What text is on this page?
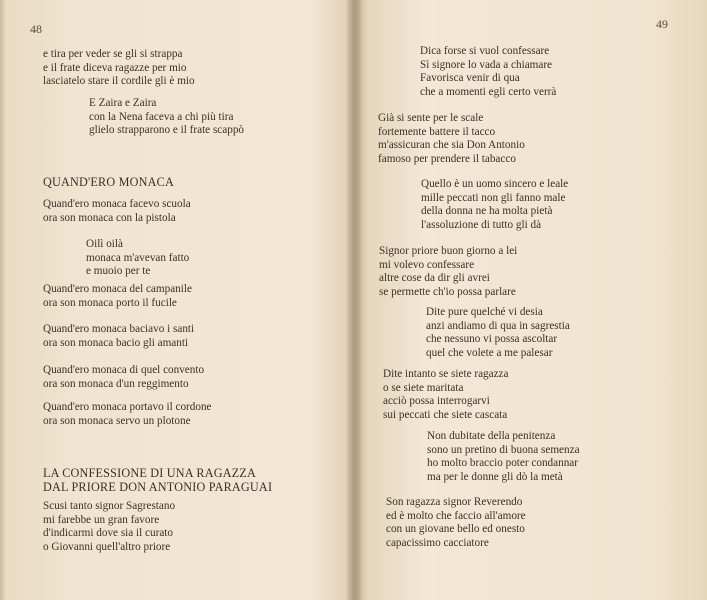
48

e tira per veder se gli si strappa
e il frate diceva ragazze per mio
lasciatelo stare il cordile gli è mio

E Zaira e Zaira
con la Nena faceva a chi più tira
glielo strapparono e il frate scappò

QUAND'ERO MONACA

Quand'ero monaca facevo scuola
ora son monaca con la pistola

Oilì oilà
monaca m'avevan fatto
e muoio per te

Quand'ero monaca del campanile
ora son monaca porto il fucile

Quand'ero monaca baciavo i santi
ora son monaca bacio gli amanti

Quand'ero monaca di quel convento
ora son monaca d'un reggimento

Quand'ero monaca portavo il cordone
ora son monaca servo un plotone

LA CONFESSIONE DI UNA RAGAZZA
DAL PRIORE DON ANTONIO PARAGUAI

Scusi tanto signor Sagrestano
mi farebbe un gran favore
d'indicarmi dove sia il curato
o Giovanni quell'altro priore

49

Dica forse si vuol confessare
Sì signore lo vada a chiamare
Favorisca venir di qua
che a momenti egli certo verrà

Già si sente per le scale
fortemente battere il tacco
m'assicuran che sia Don Antonio
famoso per prendere il tabacco

Quello è un uomo sincero e leale
mille peccati non gli fanno male
della donna ne ha molta pietà
l'assoluzione di tutto gli dà

Signor priore buon giorno a lei
mi volevo confessare
altre cose da dir gli avrei
se permette ch'io possa parlare

Dite pure quelché vi desia
anzi andiamo di qua in sagrestia
che nessuno vi possa ascoltar
quel che volete a me palesar

Dite intanto se siete ragazza
o se siete maritata
acciò possa interrogarvi
sui peccati che siete cascata

Non dubitate della penitenza
sono un pretino di buona semenza
ho molto braccio poter condannar
ma per le donne gli dò la metà

Son ragazza signor Reverendo
ed è molto che faccio all'amore
con un giovane bello ed onesto
capacissimo cacciatore
